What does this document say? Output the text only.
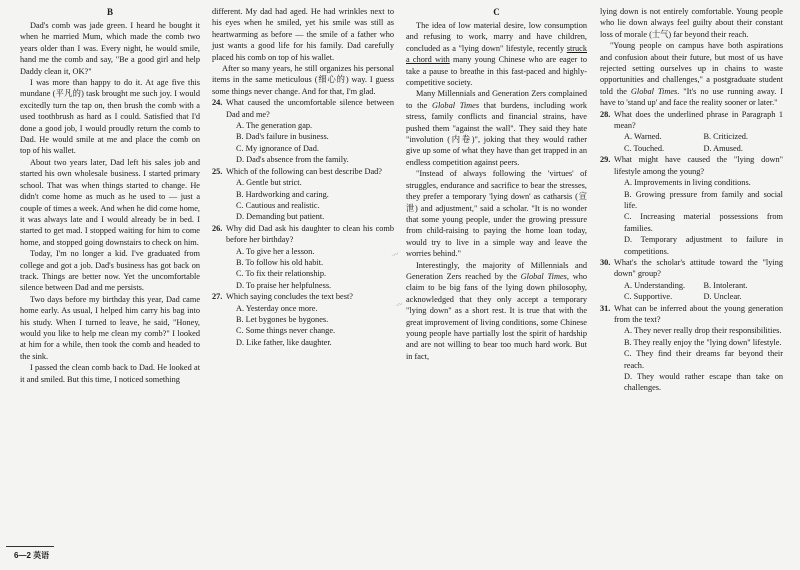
B

Dad's comb was jade green. I heard he bought it when he married Mum, which made the comb two years older than I was. Every night, he would smile, hand me the comb and say, "Be a good girl and help Daddy clean it, OK?"

I was more than happy to do it. At age five this mundane (平凡的) task brought me such joy. I would excitedly turn the tap on, then brush the comb with a used toothbrush as hard as I could. Satisfied that I'd done a good job, I would proudly return the comb to Dad. He would smile at me and place the comb on top of his wallet.

About two years later, Dad left his sales job and started his own wholesale business. I started primary school. That was when things started to change. He didn't come home as much as he used to — just a couple of times a week. And when he did come home, it was always late and I would already be in bed. I started to get mad. I stopped waiting for him to come home, and stopped going downstairs to check on him.

Today, I'm no longer a kid. I've graduated from college and got a job. Dad's business has got back on track. Things are better now. Yet the uncomfortable silence between Dad and me persists.

Two days before my birthday this year, Dad came home early. As usual, I helped him carry his bag into his study. When I turned to leave, he said, "Honey, would you like to help me clean my comb?" I looked at him for a while, then took the comb and headed to the sink.

I passed the clean comb back to Dad. He looked at it and smiled. But this time, I noticed something

different. My dad had aged. He had wrinkles next to his eyes when he smiled, yet his smile was still as heartwarming as before — the smile of a father who just wants a good life for his family. Dad carefully placed his comb on top of his wallet.

After so many years, he still organizes his personal items in the same meticulous (细心的) way. I guess some things never change. And for that, I'm glad.

24. What caused the uncomfortable silence between Dad and me?
A. The generation gap.
B. Dad's failure in business.
C. My ignorance of Dad.
D. Dad's absence from the family.
25. Which of the following can best describe Dad?
A. Gentle but strict.
B. Hardworking and caring.
C. Cautious and realistic.
D. Demanding but patient.
26. Why did Dad ask his daughter to clean his comb before her birthday?
A. To give her a lesson.
B. To follow his old habit.
C. To fix their relationship.
D. To praise her helpfulness.
27. Which saying concludes the text best?
A. Yesterday once more.
B. Let bygones be bygones.
C. Some things never change.
D. Like father, like daughter.
C

The idea of low material desire, low consumption and refusing to work, marry and have children, concluded as a "lying down" lifestyle, recently struck a chord with many young Chinese who are eager to take a pause to breathe in this fast-paced and highly-competitive society.

Many Millennials and Generation Zers complained to the Global Times that burdens, including work stress, family conflicts and financial strains, have pushed them "against the wall". They said they hate "involution (内卷)", joking that they would rather give up some of what they have than get trapped in an endless competition against peers.

"Instead of always following the 'virtues' of struggles, endurance and sacrifice to bear the stresses, they prefer a temporary 'lying down' as catharsis (宣泄) and adjustment," said a scholar. "It is no wonder that some young people, under the growing pressure from child-raising to paying the home loan today, would try to live in a simple way and leave the worries behind."

Interestingly, the majority of Millennials and Generation Zers reached by the Global Times, who claim to be big fans of the lying down philosophy, acknowledged that they only accept a temporary "lying down" as a short rest. It is true that with the great improvement of living conditions, some Chinese young people have partially lost the spirit of hardship and are not willing to bear too much hard work. But in fact,

lying down is not entirely comfortable. Young people who lie down always feel guilty about their constant loss of morale (士气) far beyond their reach.

"Young people on campus have both aspirations and confusion about their future, but most of us have rejected setting ourselves up in chains to waste opportunities and challenges," a postgraduate student told the Global Times. "It's no use running away. I have to 'stand up' and face the reality sooner or later."

28. What does the underlined phrase in Paragraph 1 mean?
A. Warned.	B. Criticized.
C. Touched.	D. Amused.
29. What might have caused the "lying down" lifestyle among the young?
A. Improvements in living conditions.
B. Growing pressure from family and social life.
C. Increasing material possessions from families.
D. Temporary adjustment to failure in competitions.
30. What's the scholar's attitude toward the "lying down" group?
A. Understanding.	B. Intolerant.
C. Supportive.	D. Unclear.
31. What can be inferred about the young generation from the text?
A. They never really drop their responsibilities.
B. They really enjoy the "lying down" lifestyle.
C. They find their dreams far beyond their reach.
D. They would rather escape than take on challenges.
〰
〰
6—2 英语
